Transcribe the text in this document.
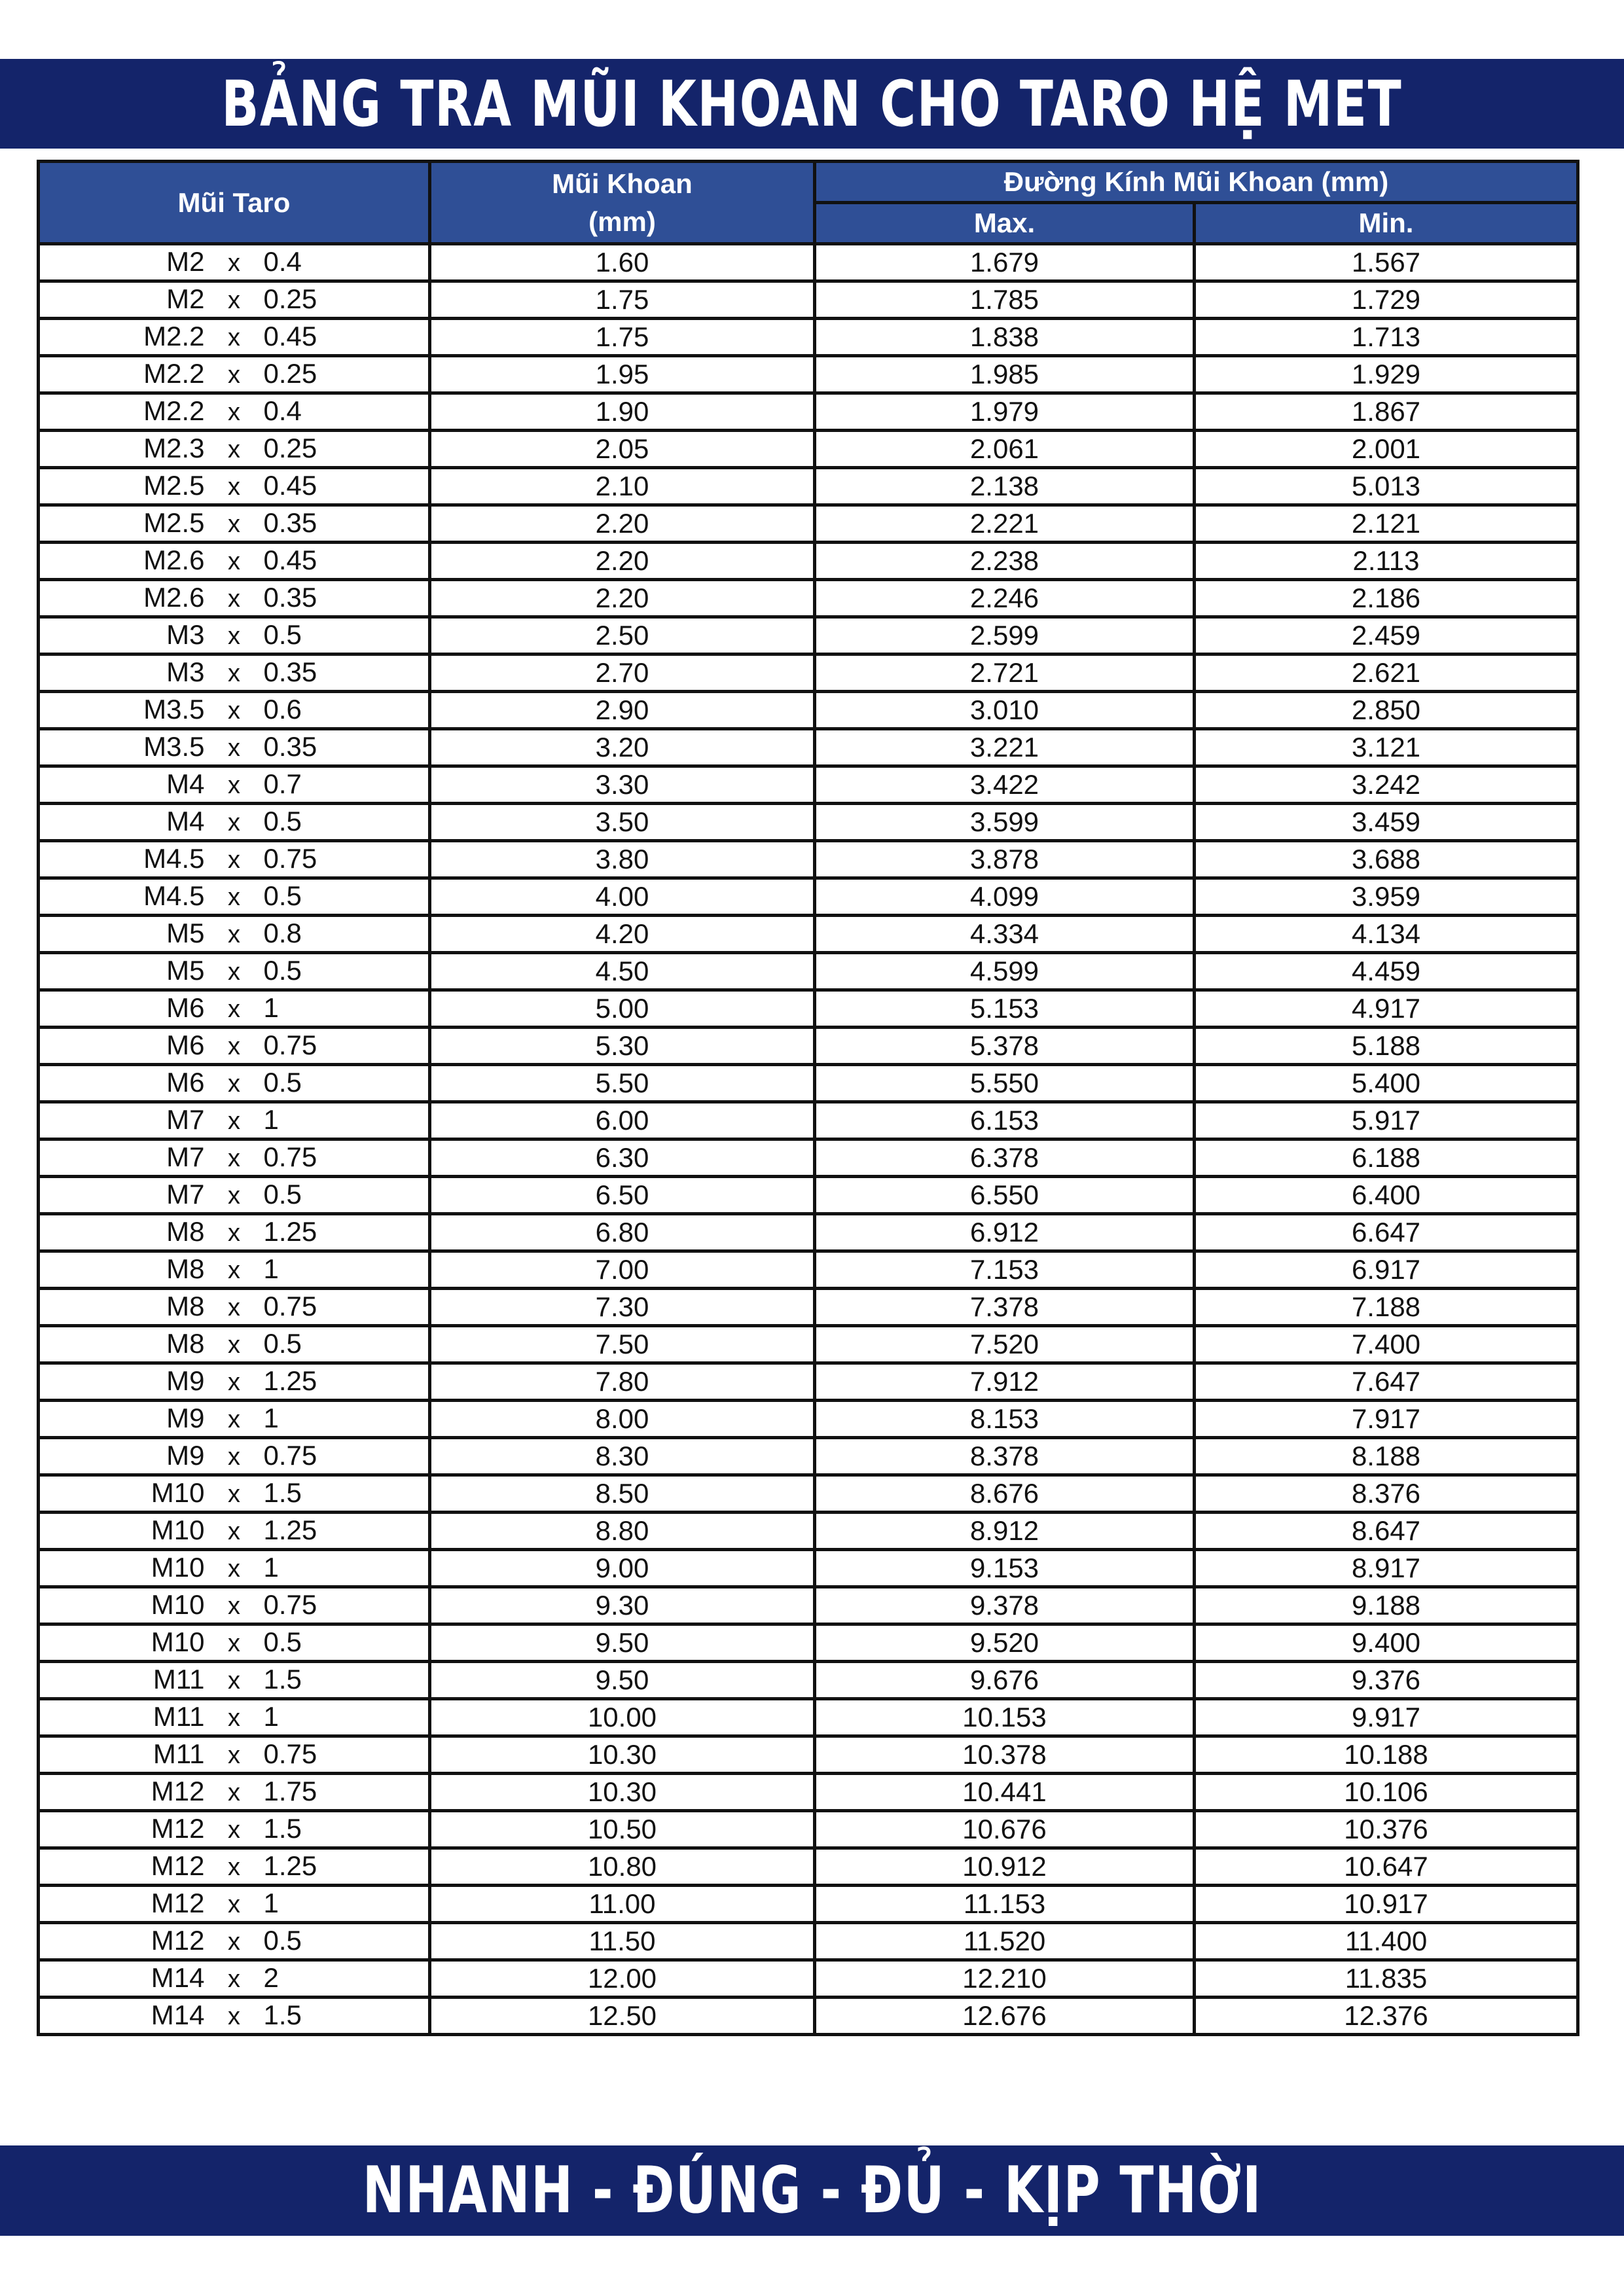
BẢNG TRA MŨI KHOAN CHO TARO HỆ MET
Mũi Taro	Mũi Khoan
(mm)	Đường Kính Mũi Khoan (mm)	
		Max.	Min.

M2 x 0.4	1.60	1.679	1.567

M2 x 0.25	1.75	1.785	1.729

M2.2 x 0.45	1.75	1.838	1.713

M2.2 x 0.25	1.95	1.985	1.929

M2.2 x 0.4	1.90	1.979	1.867

M2.3 x 0.25	2.05	2.061	2.001

M2.5 x 0.45	2.10	2.138	5.013

M2.5 x 0.35	2.20	2.221	2.121

M2.6 x 0.45	2.20	2.238	2.113

M2.6 x 0.35	2.20	2.246	2.186

M3 x 0.5	2.50	2.599	2.459

M3 x 0.35	2.70	2.721	2.621

M3.5 x 0.6	2.90	3.010	2.850

M3.5 x 0.35	3.20	3.221	3.121

M4 x 0.7	3.30	3.422	3.242

M4 x 0.5	3.50	3.599	3.459

M4.5 x 0.75	3.80	3.878	3.688

M4.5 x 0.5	4.00	4.099	3.959

M5 x 0.8	4.20	4.334	4.134

M5 x 0.5	4.50	4.599	4.459

M6 x 1	5.00	5.153	4.917

M6 x 0.75	5.30	5.378	5.188

M6 x 0.5	5.50	5.550	5.400

M7 x 1	6.00	6.153	5.917

M7 x 0.75	6.30	6.378	6.188

M7 x 0.5	6.50	6.550	6.400

M8 x 1.25	6.80	6.912	6.647

M8 x 1	7.00	7.153	6.917

M8 x 0.75	7.30	7.378	7.188

M8 x 0.5	7.50	7.520	7.400

M9 x 1.25	7.80	7.912	7.647

M9 x 1	8.00	8.153	7.917

M9 x 0.75	8.30	8.378	8.188

M10 x 1.5	8.50	8.676	8.376

M10 x 1.25	8.80	8.912	8.647

M10 x 1	9.00	9.153	8.917

M10 x 0.75	9.30	9.378	9.188

M10 x 0.5	9.50	9.520	9.400

M11 x 1.5	9.50	9.676	9.376

M11 x 1	10.00	10.153	9.917

M11 x 0.75	10.30	10.378	10.188

M12 x 1.75	10.30	10.441	10.106

M12 x 1.5	10.50	10.676	10.376

M12 x 1.25	10.80	10.912	10.647

M12 x 1	11.00	11.153	10.917

M12 x 0.5	11.50	11.520	11.400

M14 x 2	12.00	12.210	11.835

M14 x 1.5	12.50	12.676	12.376
NHANH - ĐÚNG - ĐỦ - KỊP THỜI
